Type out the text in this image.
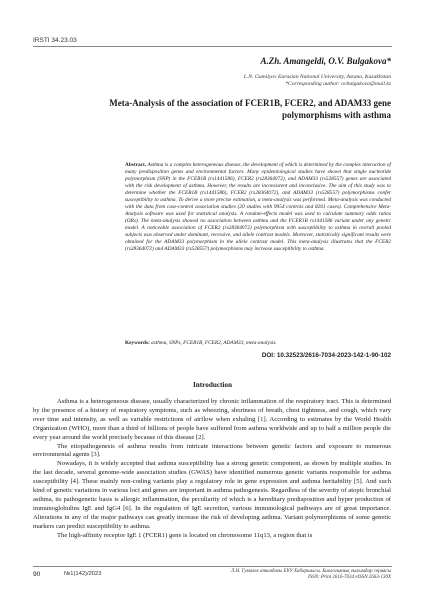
IRSTI 34.23.03
A.Zh. Amangeldi, O.V. Bulgakova*
L.N. Gumilyov Eurasian National University, Astana, Kazakhstan
*Corresponding author: ovbulgakova@mail.kz
Meta-Analysis of the association of FCER1B, FCER2, and ADAM33 gene
polymorphisms with asthma
Abstract. Asthma is a complex heterogeneous disease, the development of which is determined by the complex interaction of many predisposition genes and environmental factors. Many epidemiological studies have shown that single nucleotide polymorphism (SNP) in the FCER1B (rs1441586), FCER2 (rs28364072), and ADAM33 (rs528557) genes are associated with the risk development of asthma. However, the results are inconsistent and inconclusive. The aim of this study was to determine whether the FCER1B (rs1441586), FCER2 (rs28364072), and ADAM33 (rs528557) polymorphisms confer susceptibility to asthma. To derive a more precise estimation, a meta-analysis was performed. Meta-analysis was conducted with the data from case-control association studies (20 studies with 9954 controls and 8261 cases). Comprehensive Meta-Analysis software was used for statistical analysis. A random-effects model was used to calculate summary odds ratios (ORs). The meta-analysis showed no association between asthma and the FCER1B rs1441586 variant under any genetic model. A noticeable association of FCER2 (rs28364072) polymorphism with susceptibility to asthma in overall pooled subjects was observed under dominant, recessive, and allele contrast models. Moreover, statistically significant results were obtained for the ADAM33 polymorphism in the allele contrast model. This meta-analysis illustrates that the FCER2 (rs28364072) and ADAM33 (rs528557) polymorphisms may increase susceptibility to asthma.
Keywords: asthma, SNPs, FCER1B, FCER2, ADAM33, meta-analysis.
DOI: 10.32523/2616-7034-2023-142-1-90-102
Introduction

Asthma is a heterogeneous disease, usually characterized by chronic inflammation of the respiratory tract. This is determined by the presence of a history of respiratory symptoms, such as wheezing, shortness of breath, chest tightness, and cough, which vary over time and intensity, as well as variable restrictions of airflow when exhaling [1]. According to estimates by the World Health Organization (WHO), more than a third of billions of people have suffered from asthma worldwide and up to half a million people die every year around the world precisely because of this disease [2].

The etiopathogenesis of asthma results from intricate interactions between genetic factors and exposure to numerous environmental agents [3].

Nowadays, it is widely accepted that asthma susceptibility has a strong genetic component, as shown by multiple studies. In the last decade, several genome-wide association studies (GWAS) have identified numerous genetic variants responsible for asthma susceptibility [4]. These mainly non-coding variants play a regulatory role in gene expression and asthma heritability [5]. And such kind of genetic variations in various loci and genes are important in asthma pathogenesis. Regardless of the severity of atopic bronchial asthma, its pathogenetic basis is allergic inflammation, the peculiarity of which is a hereditary predisposition and hyper production of immunoglobulins IgE and IgG4 [6]. In the regulation of IgE secretion, various immunological pathways are of great importance. Alterations in any of the major pathways can greatly increase the risk of developing asthma. Variant polymorphisms of some genetic markers can predict susceptibility to asthma.

The high-affinity receptor IgE 1 (FCER1) gene is located on chromosome 11q13, a region that is

90	№1(142)/2023	Л.Н. Гумилев атындағы ЕҰУ Хабаршысы. Биологиялық ғылымдар сериясы
ISSN: Print 2616-7034 eISSN 2663-130X
